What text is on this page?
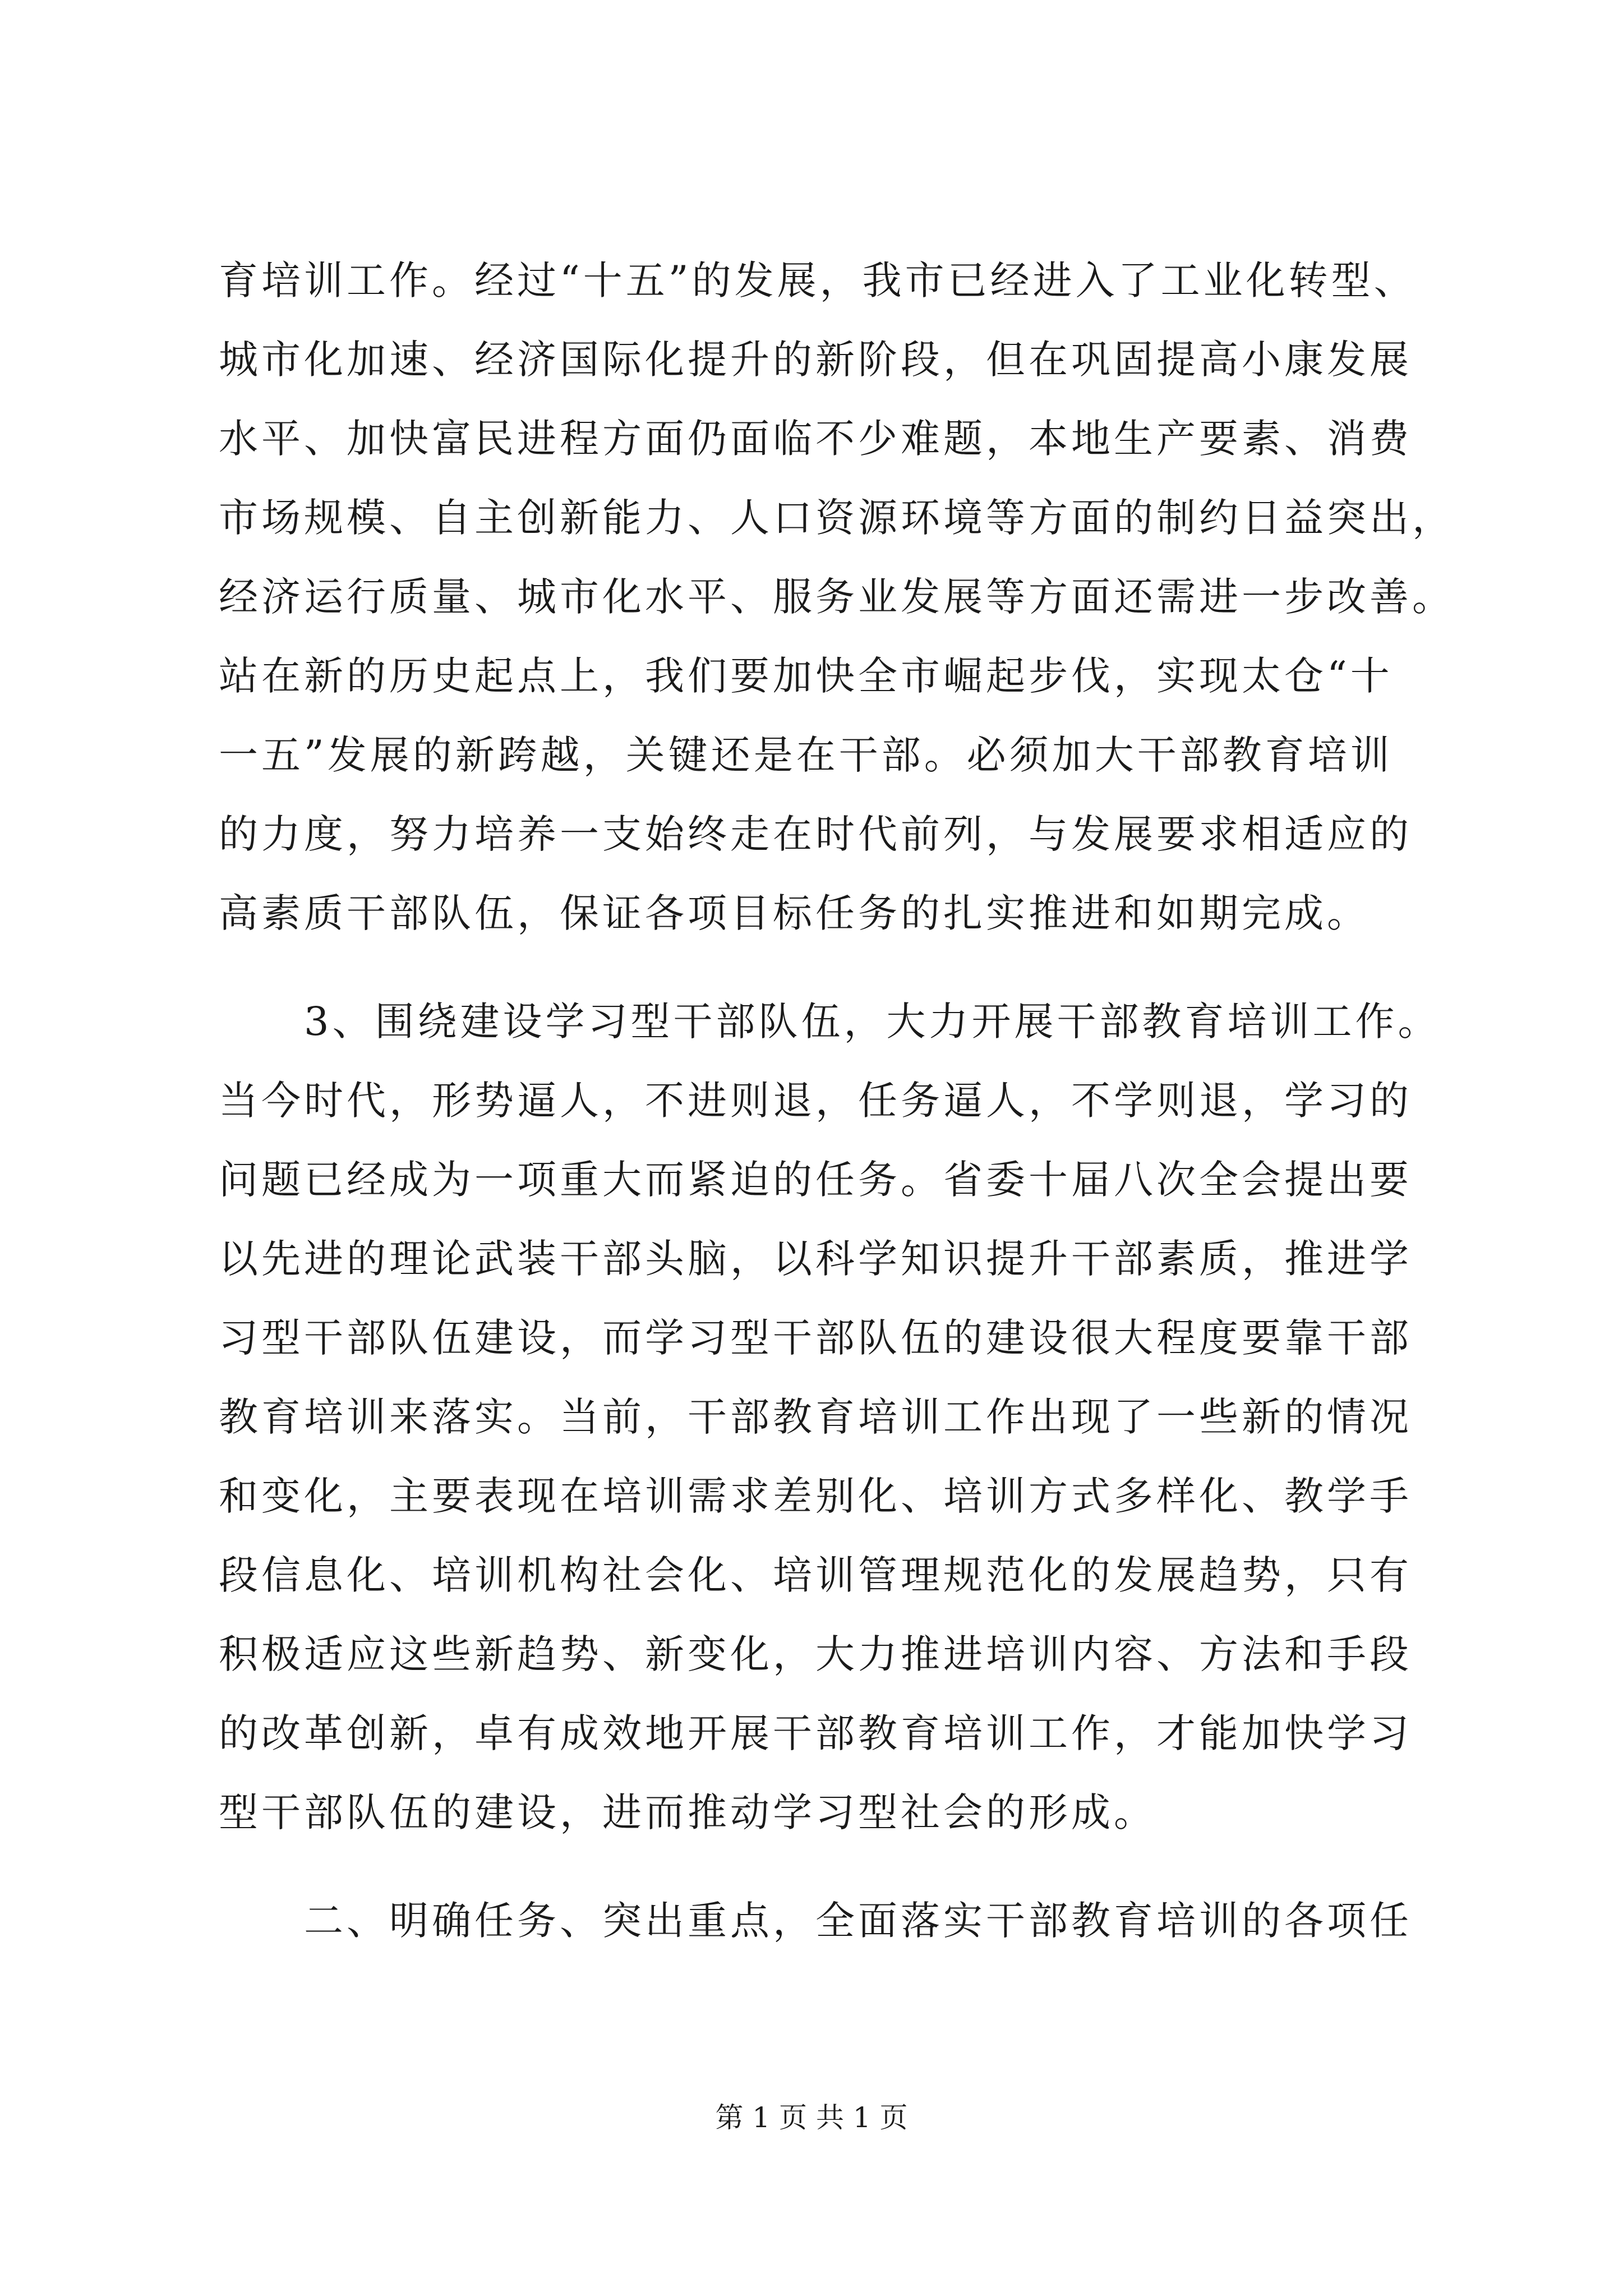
育培训工作。经过“十五”的发展，我市已经进入了工业化转型、
城市化加速、经济国际化提升的新阶段，但在巩固提高小康发展
水平、加快富民进程方面仍面临不少难题，本地生产要素、消费
市场规模、自主创新能力、人口资源环境等方面的制约日益突出，
经济运行质量、城市化水平、服务业发展等方面还需进一步改善。
站在新的历史起点上，我们要加快全市崛起步伐，实现太仓“十
一五”发展的新跨越，关键还是在干部。必须加大干部教育培训
的力度，努力培养一支始终走在时代前列，与发展要求相适应的
高素质干部队伍，保证各项目标任务的扎实推进和如期完成。
　　3、围绕建设学习型干部队伍，大力开展干部教育培训工作。
当今时代，形势逼人，不进则退，任务逼人，不学则退，学习的
问题已经成为一项重大而紧迫的任务。省委十届八次全会提出要
以先进的理论武装干部头脑，以科学知识提升干部素质，推进学
习型干部队伍建设，而学习型干部队伍的建设很大程度要靠干部
教育培训来落实。当前，干部教育培训工作出现了一些新的情况
和变化，主要表现在培训需求差别化、培训方式多样化、教学手
段信息化、培训机构社会化、培训管理规范化的发展趋势，只有
积极适应这些新趋势、新变化，大力推进培训内容、方法和手段
的改革创新，卓有成效地开展干部教育培训工作，才能加快学习
型干部队伍的建设，进而推动学习型社会的形成。
　　二、明确任务、突出重点，全面落实干部教育培训的各项任
第 1 页 共 1 页
